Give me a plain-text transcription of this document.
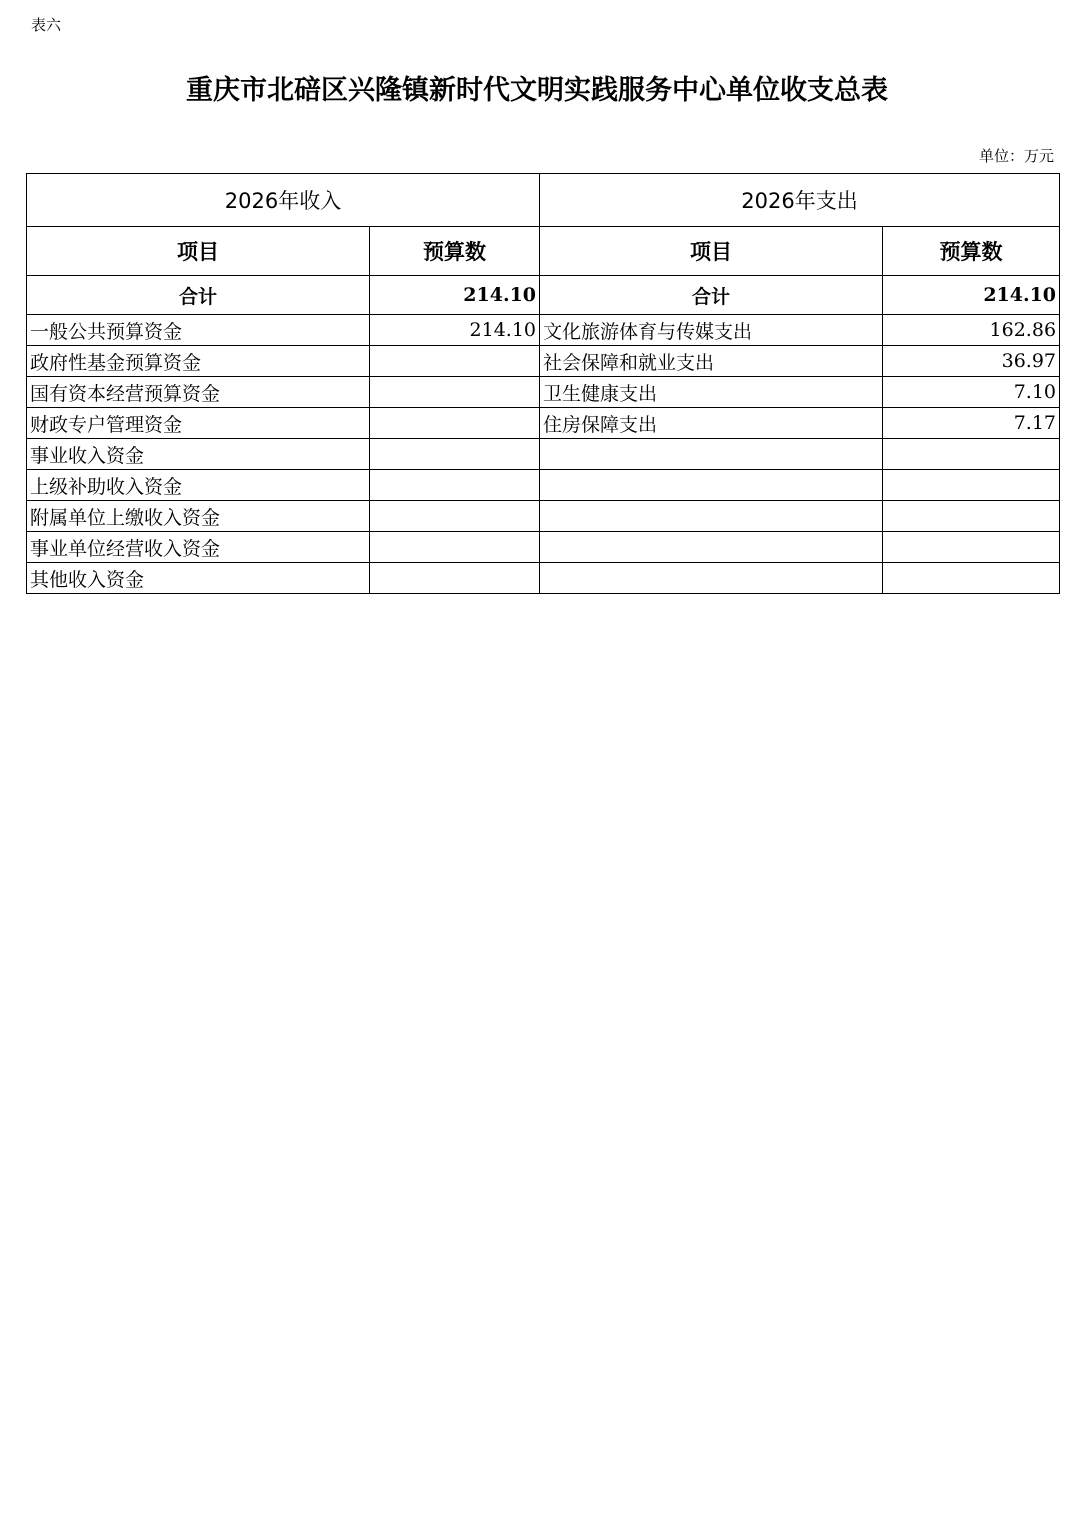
表六
重庆市北碚区兴隆镇新时代文明实践服务中心单位收支总表
单位：万元
2026年收入		2026年支出	
项目	预算数	项目	预算数
合计	214.10	合计	214.10
一般公共预算资金	214.10	文化旅游体育与传媒支出	162.86
政府性基金预算资金		社会保障和就业支出	36.97
国有资本经营预算资金		卫生健康支出	7.10
财政专户管理资金		住房保障支出	7.17
事业收入资金			
上级补助收入资金			
附属单位上缴收入资金			
事业单位经营收入资金			
其他收入资金			
